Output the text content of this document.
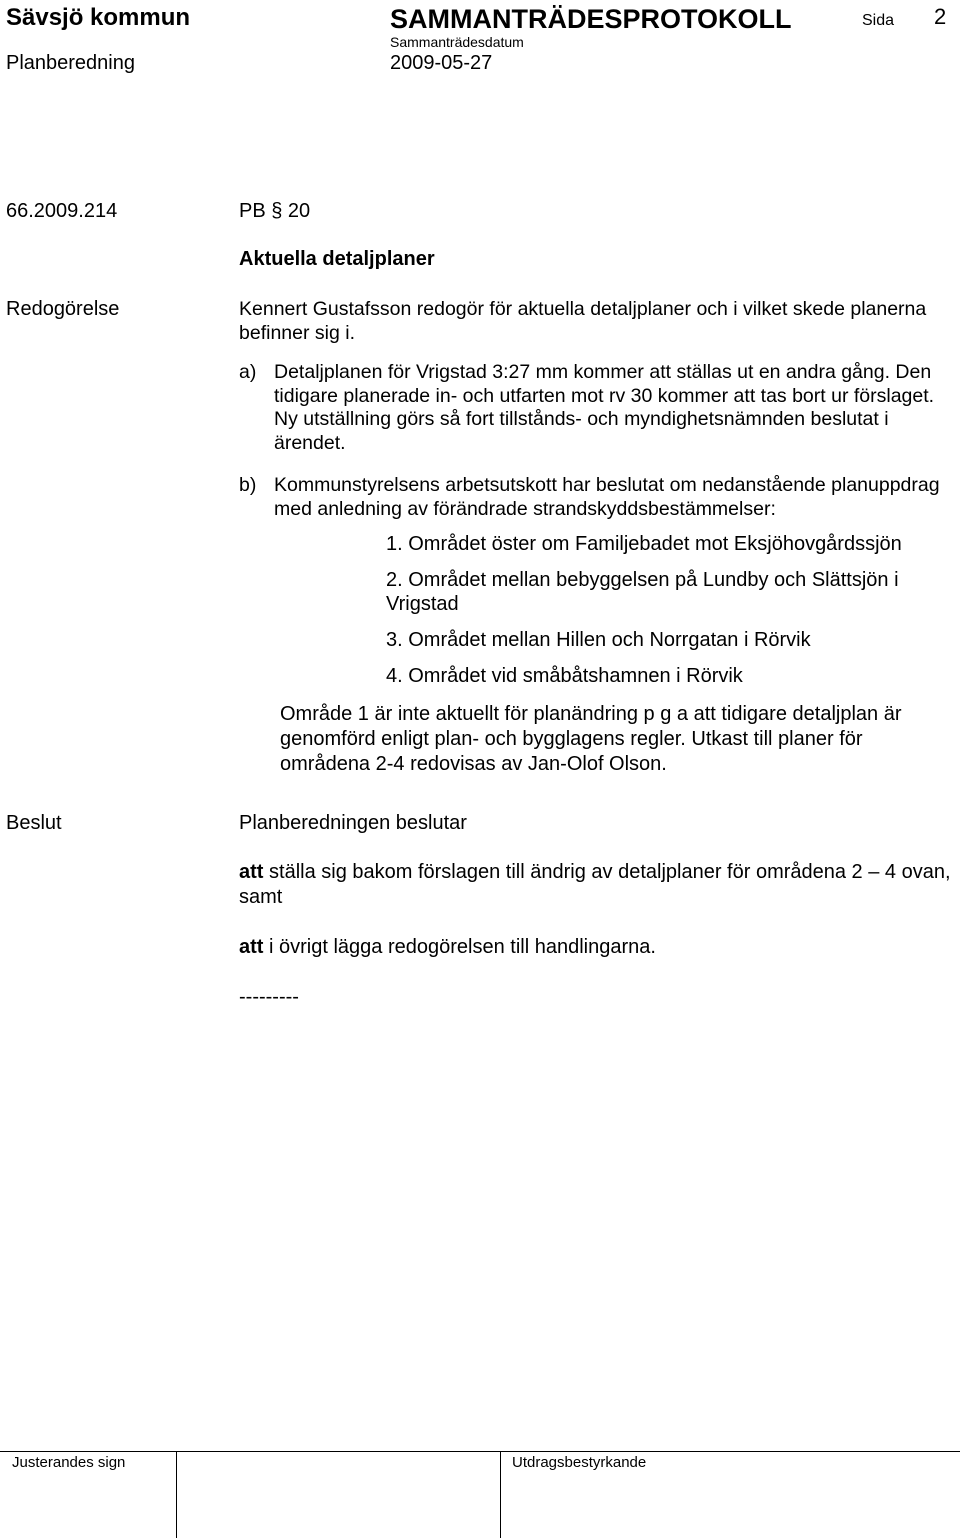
Sävsjö kommun	SAMMANTRÄDESPROTOKOLL	Sida 2
Planberedning
Sammanträdesdatum
2009-05-27
66.2009.214	PB § 20
Aktuella detaljplaner
Redogörelse	Kennert Gustafsson redogör för aktuella detaljplaner och i vilket skede planerna befinner sig i.
a) Detaljplanen för Vrigstad 3:27 mm kommer att ställas ut en andra gång. Den tidigare planerade in- och utfarten mot rv 30 kommer att tas bort ur förslaget. Ny utställning görs så fort tillstånds- och myndighetsnämnden beslutat i ärendet.
b) Kommunstyrelsens arbetsutskott har beslutat om nedanstående planuppdrag med anledning av förändrade strandskyddsbestämmelser:
1. Området öster om Familjebadet mot Eksjöhovgårdssjön
2. Området mellan bebyggelsen på Lundby och Slättsjön i Vrigstad
3. Området mellan Hillen och Norrgatan i Rörvik
4. Området vid småbåtshamnen i Rörvik
Område 1 är inte aktuellt för planändring p g a att tidigare detaljplan är genomförd enligt plan- och bygglagens regler. Utkast till planer för områdena 2-4 redovisas av Jan-Olof Olson.
Beslut	Planberedningen beslutar
att ställa sig bakom förslagen till ändrig av detaljplaner för områdena 2 – 4 ovan, samt
att i övrigt lägga redogörelsen till handlingarna.
---------
Justerandes sign	Utdragsbestyrkande
